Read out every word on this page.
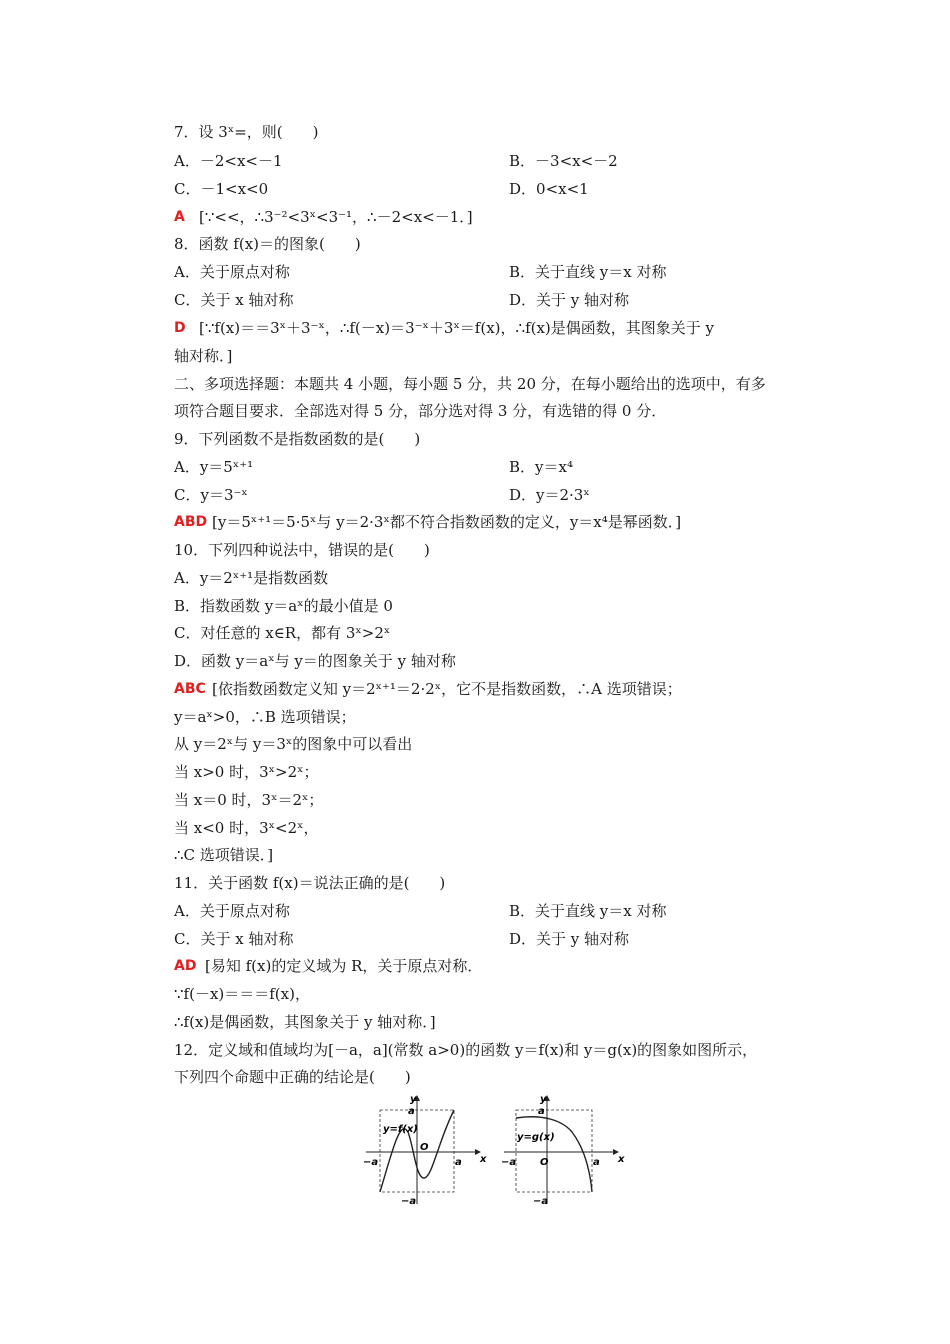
7．设 3ˣ=，则(　　)
A．－2<x<－1	B．－3<x<－2
C．－1<x<0	D．0<x<1
A [∵<<，∴3⁻²<3ˣ<3⁻¹，∴－2<x<－1．]
8．函数 f(x)＝的图象(　　)
A．关于原点对称	B．关于直线 y＝x 对称
C．关于 x 轴对称	D．关于 y 轴对称
D [∵f(x)＝＝3ˣ＋3⁻ˣ，∴f(－x)＝3⁻ˣ＋3ˣ＝f(x)，∴f(x)是偶函数，其图象关于 y
轴对称．]
二、多项选择题：本题共 4 小题，每小题 5 分，共 20 分，在每小题给出的选项中，有多
项符合题目要求．全部选对得 5 分，部分选对得 3 分，有选错的得 0 分．
9．下列函数不是指数函数的是(　　)
A．y＝5ˣ⁺¹	B．y＝x⁴
C．y＝3⁻ˣ	D．y＝2·3ˣ
ABD [y＝5ˣ⁺¹＝5·5ˣ与 y＝2·3ˣ都不符合指数函数的定义，y＝x⁴是幂函数．]
10．下列四种说法中，错误的是(　　)
A．y＝2ˣ⁺¹是指数函数
B．指数函数 y＝aˣ的最小值是 0
C．对任意的 x∈R，都有 3ˣ>2ˣ
D．函数 y＝aˣ与 y＝的图象关于 y 轴对称
ABC [依指数函数定义知 y＝2ˣ⁺¹＝2·2ˣ，它不是指数函数，∴A 选项错误；
y＝aˣ>0，∴B 选项错误；
从 y＝2ˣ与 y＝3ˣ的图象中可以看出
当 x>0 时，3ˣ>2ˣ；
当 x＝0 时，3ˣ＝2ˣ；
当 x<0 时，3ˣ<2ˣ，
∴C 选项错误．]
11．关于函数 f(x)＝说法正确的是(　　)
A．关于原点对称	B．关于直线 y＝x 对称
C．关于 x 轴对称	D．关于 y 轴对称
AD [易知 f(x)的定义域为 R，关于原点对称．
∵f(－x)＝＝＝f(x)，
∴f(x)是偶函数，其图象关于 y 轴对称．]
12．定义域和值域均为[－a，a](常数 a>0)的函数 y＝f(x)和 y＝g(x)的图象如图所示，
下列四个命题中正确的结论是(　　)
y
a
y=f(x)
O
−a	a x
−a
y
a
y=g(x)
O
−a	a x
−a
